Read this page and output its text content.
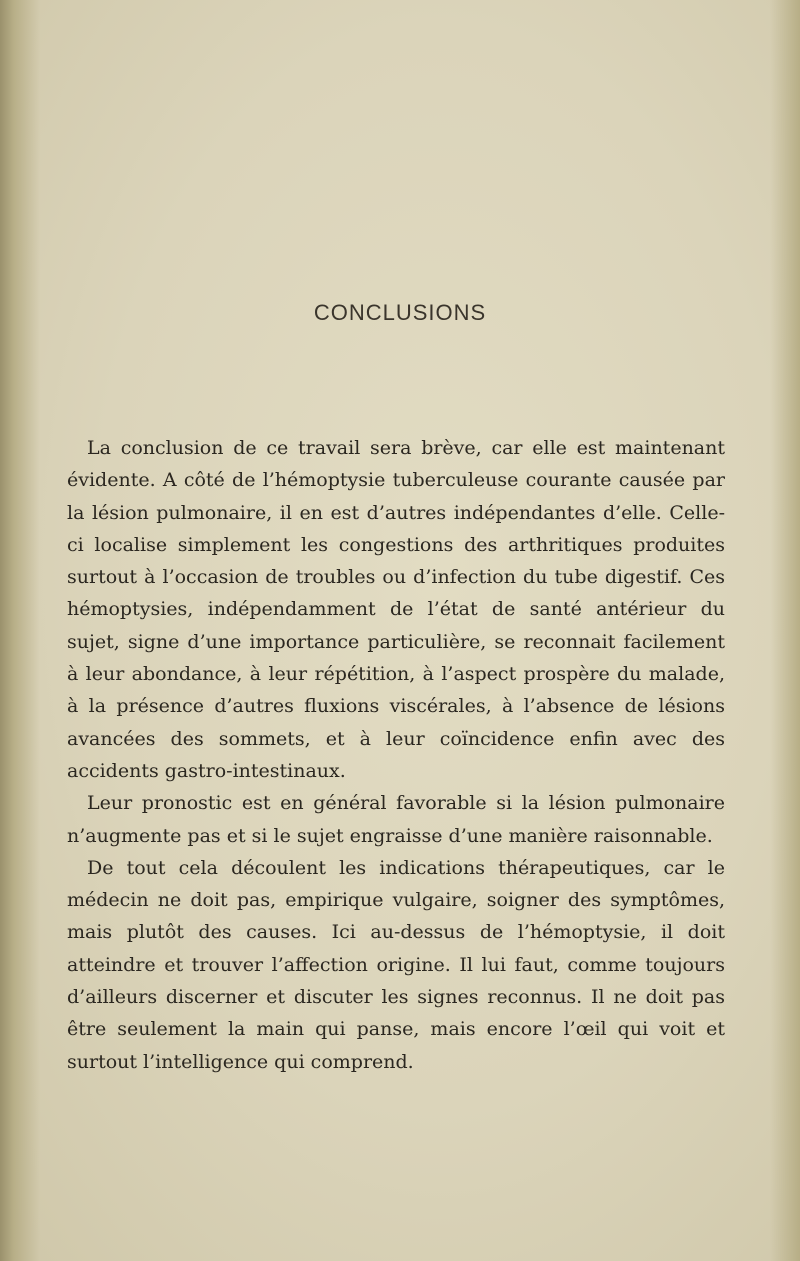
CONCLUSIONS

La conclusion de ce travail sera brève, car elle est maintenant évidente. A côté de l’hémoptysie tuberculeuse courante causée par la lésion pulmonaire, il en est d’autres indépendantes d’elle. Celle-ci localise simplement les congestions des arthritiques produites surtout à l’occasion de troubles ou d’infection du tube digestif. Ces hémoptysies, indépendamment de l’état de santé antérieur du sujet, signe d’une importance particulière, se reconnait facilement à leur abondance, à leur répétition, à l’aspect prospère du malade, à la présence d’autres fluxions viscérales, à l’absence de lésions avancées des sommets, et à leur coïncidence enfin avec des accidents gastro-intestinaux.

Leur pronostic est en général favorable si la lésion pulmonaire n’augmente pas et si le sujet engraisse d’une manière raisonnable.

De tout cela découlent les indications thérapeutiques, car le médecin ne doit pas, empirique vulgaire, soigner des symptômes, mais plutôt des causes. Ici au-dessus de l’hémoptysie, il doit atteindre et trouver l’affection origine. Il lui faut, comme toujours d’ailleurs discerner et discuter les signes reconnus. Il ne doit pas être seulement la main qui panse, mais encore l’œil qui voit et surtout l’intelligence qui comprend.
